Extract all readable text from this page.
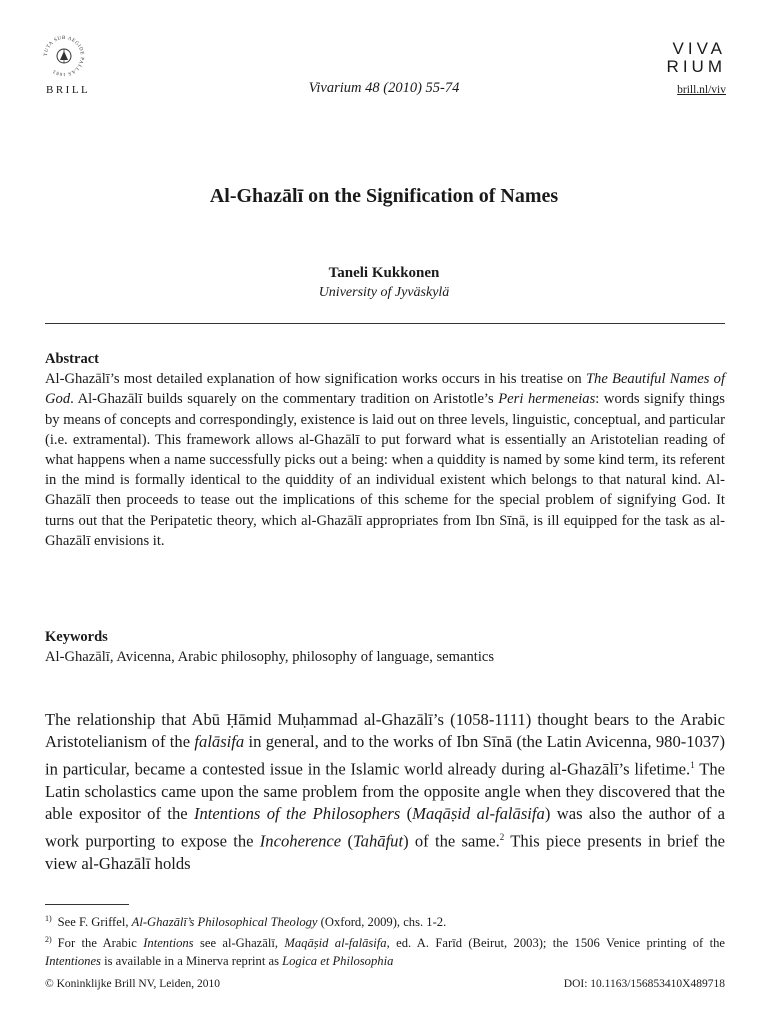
TUTA SUB AEGIDE PALLAS 1683
BRILL	Vivarium 48 (2010) 55-74
VIVA
RIUM
brill.nl/viv
Al-Ghazālī on the Signification of Names
Taneli Kukkonen
University of Jyväskylä
Abstract

Al-Ghazālī’s most detailed explanation of how signification works occurs in his treatise on The Beautiful Names of God. Al-Ghazālī builds squarely on the commentary tradition on Aristotle’s Peri hermeneias: words signify things by means of concepts and correspondingly, existence is laid out on three levels, linguistic, conceptual, and particular (i.e. extramental). This framework allows al-Ghazālī to put forward what is essentially an Aristotelian reading of what happens when a name successfully picks out a being: when a quiddity is named by some kind term, its referent in the mind is formally identical to the quiddity of an individual existent which belongs to that natural kind. Al-Ghazālī then proceeds to tease out the implications of this scheme for the special problem of signifying God. It turns out that the Peripatetic theory, which al-Ghazālī appropriates from Ibn Sīnā, is ill equipped for the task as al-Ghazālī envisions it.

Keywords

Al-Ghazālī, Avicenna, Arabic philosophy, philosophy of language, semantics

The relationship that Abū Ḥāmid Muḥammad al-Ghazālī’s (1058-1111) thought bears to the Arabic Aristotelianism of the falāsifa in general, and to the works of Ibn Sīnā (the Latin Avicenna, 980-1037) in particular, became a contested issue in the Islamic world already during al-Ghazālī’s lifetime.$^1$ The Latin scholastics came upon the same problem from the opposite angle when they discovered that the able expositor of the Intentions of the Philosophers (Maqāṣid al-falāsifa) was also the author of a work purporting to expose the Incoherence (Tahāfut) of the same.$^2$ This piece presents in brief the view al-Ghazālī holds

$^{1)}$ See F. Griffel, Al-Ghazālī’s Philosophical Theology (Oxford, 2009), chs. 1-2.

$^{2)}$ For the Arabic Intentions see al-Ghazālī, Maqāṣid al-falāsifa, ed. A. Farīd (Beirut, 2003); the 1506 Venice printing of the Intentiones is available in a Minerva reprint as Logica et Philosophia

© Koninklijke Brill NV, Leiden, 2010	DOI: 10.1163/156853410X489718
